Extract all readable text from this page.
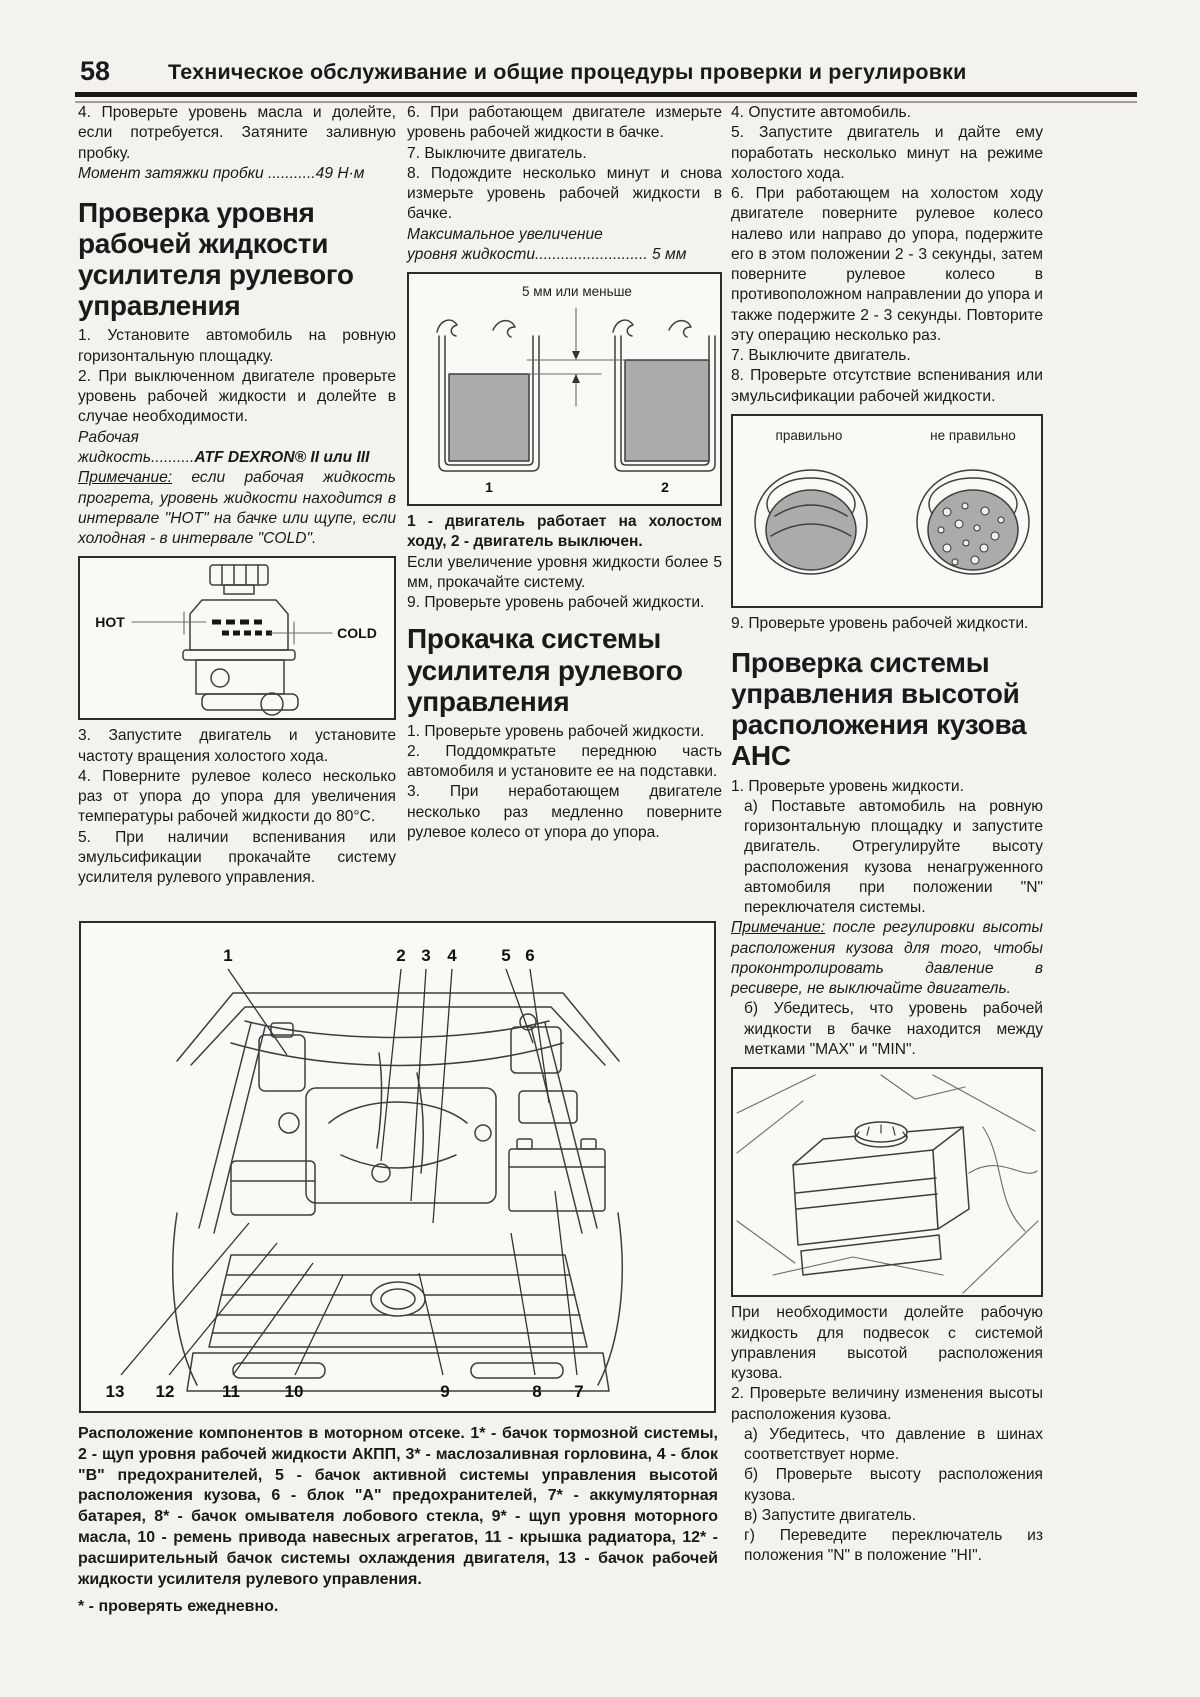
58	Техническое обслуживание и общие процедуры проверки и регулировки

4. Проверьте уровень масла и долейте, если потребуется. Затяните заливную пробку.

Момент затяжки пробки ...........49 Н·м

Проверка уровня рабочей жидкости усилителя рулевого управления

1. Установите автомобиль на ровную горизонтальную площадку.

2. При выключенном двигателе проверьте уровень рабочей жидкости и долейте в случае необходимости.

Рабочая

жидкость..........ATF DEXRON® II или III

Примечание: если рабочая жидкость прогрета, уровень жидкости находится в интервале "HOT" на бачке или щупе, если холодная - в интервале "COLD".

HOT
COLD

3. Запустите двигатель и установите частоту вращения холостого хода.

4. Поверните рулевое колесо несколько раз от упора до упора для увеличения температуры рабочей жидкости до 80°C.

5. При наличии вспенивания или эмульсификации прокачайте систему усилителя рулевого управления.

6. При работающем двигателе измерьте уровень рабочей жидкости в бачке.

7. Выключите двигатель.

8. Подождите несколько минут и снова измерьте уровень рабочей жидкости в бачке.

Максимальное увеличение

уровня жидкости.......................... 5 мм

5 мм или меньше
1	2

1 - двигатель работает на холостом ходу, 2 - двигатель выключен.

Если увеличение уровня жидкости более 5 мм, прокачайте систему.

9. Проверьте уровень рабочей жидкости.

Прокачка системы усилителя рулевого управления

1. Проверьте уровень рабочей жидкости.

2. Поддомкратьте переднюю часть автомобиля и установите ее на подставки.

3. При неработающем двигателе несколько раз медленно поверните рулевое колесо от упора до упора.

4. Опустите автомобиль.

5. Запустите двигатель и дайте ему поработать несколько минут на режиме холостого хода.

6. При работающем на холостом ходу двигателе поверните рулевое колесо налево или направо до упора, подержите его в этом положении 2 - 3 секунды, затем поверните рулевое колесо в противоположном направлении до упора и также подержите 2 - 3 секунды. Повторите эту операцию несколько раз.

7. Выключите двигатель.

8. Проверьте отсутствие вспенивания или эмульсификации рабочей жидкости.

правильно	не правильно

9. Проверьте уровень рабочей жидкости.

Проверка системы управления высотой расположения кузова AHC

1. Проверьте уровень жидкости.

а) Поставьте автомобиль на ровную горизонтальную площадку и запустите двигатель. Отрегулируйте высоту расположения кузова ненагруженного автомобиля при положении "N" переключателя системы.

Примечание: после регулировки высоты расположения кузова для того, чтобы проконтролировать давление в ресивере, не выключайте двигатель.

б) Убедитесь, что уровень рабочей жидкости в бачке находится между метками "MAX" и "MIN".

При необходимости долейте рабочую жидкость для подвесок с системой управления высотой расположения кузова.

2. Проверьте величину изменения высоты расположения кузова.

а) Убедитесь, что давление в шинах соответствует норме.

б) Проверьте высоту расположения кузова.

в) Запустите двигатель.

г) Переведите переключатель из положения "N" в положение "HI".

1	2 3 4	5 6
13 12	11	10	9	8 7

Расположение компонентов в моторном отсеке. 1* - бачок тормозной системы, 2 - щуп уровня рабочей жидкости АКПП, 3* - маслозаливная горловина, 4 - блок "В" предохранителей, 5 - бачок активной системы управления высотой расположения кузова, 6 - блок "А" предохранителей, 7* - аккумуляторная батарея, 8* - бачок омывателя лобового стекла, 9* - щуп уровня моторного масла, 10 - ремень привода навесных агрегатов, 11 - крышка радиатора, 12* - расширительный бачок системы охлаждения двигателя, 13 - бачок рабочей жидкости усилителя рулевого управления.

* - проверять ежедневно.
